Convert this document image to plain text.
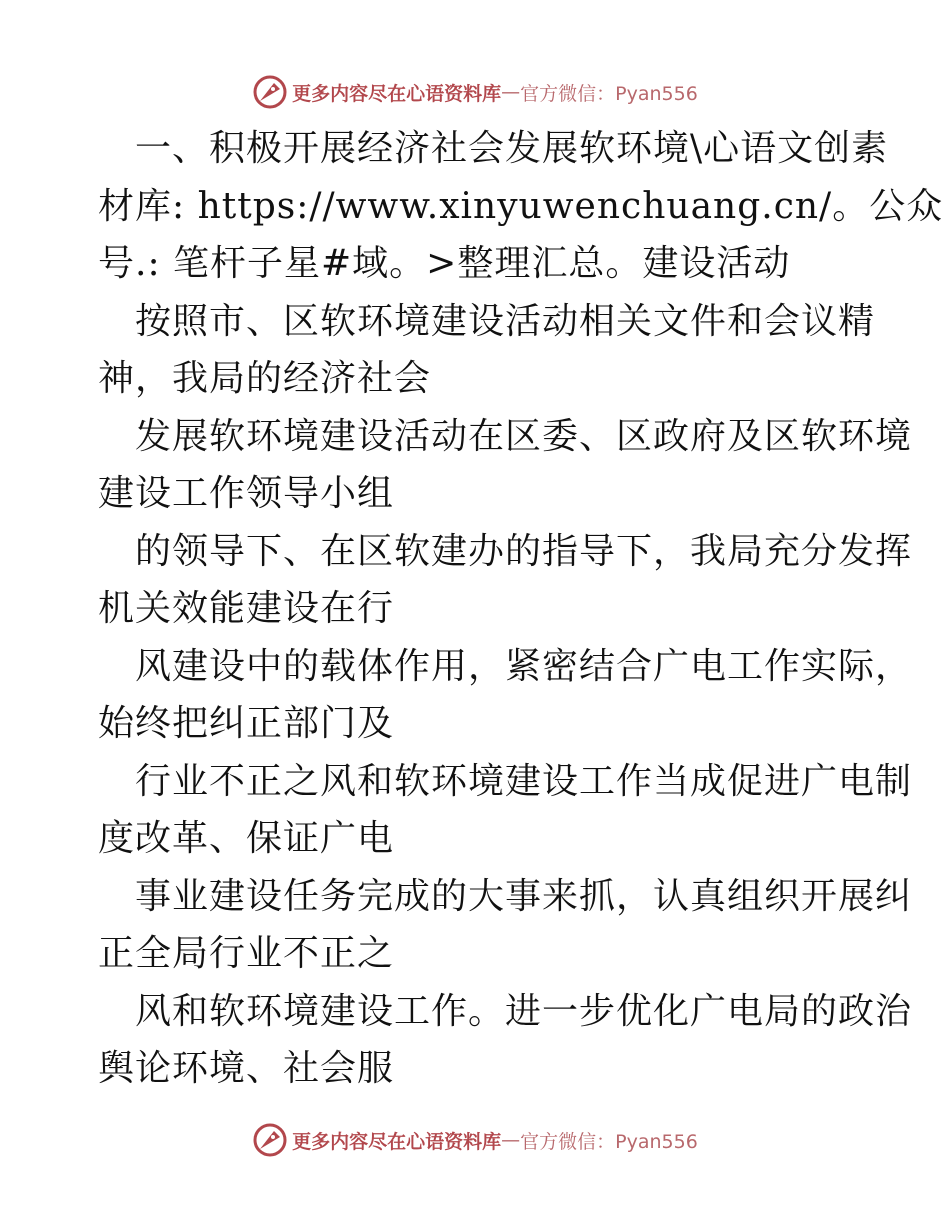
更多内容尽在心语资料库 — 官方微信：Pyan556
一、积极开展经济社会发展软环境\心语文创素
材库: https://www.xinyuwenchuang.cn/。公众
号.: 笔杆子星#域。>整理汇总。建设活动
按照市、区软环境建设活动相关文件和会议精
神，我局的经济社会
发展软环境建设活动在区委、区政府及区软环境
建设工作领导小组
的领导下、在区软建办的指导下，我局充分发挥
机关效能建设在行
风建设中的载体作用，紧密结合广电工作实际，
始终把纠正部门及
行业不正之风和软环境建设工作当成促进广电制
度改革、保证广电
事业建设任务完成的大事来抓，认真组织开展纠
正全局行业不正之
风和软环境建设工作。进一步优化广电局的政治
舆论环境、社会服
更多内容尽在心语资料库 — 官方微信：Pyan556
